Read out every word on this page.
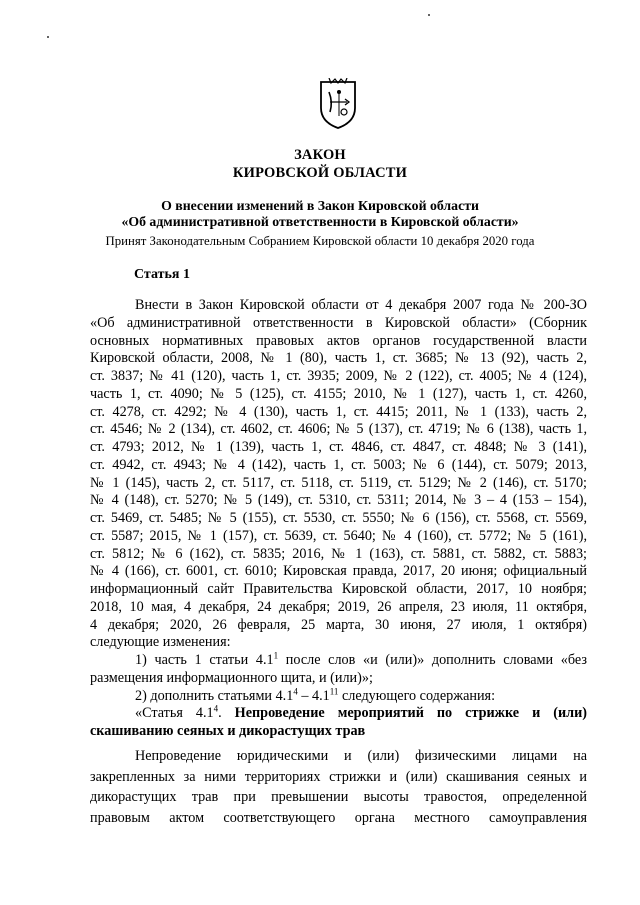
ЗАКОН
КИРОВСКОЙ ОБЛАСТИ
О внесении изменений в Закон Кировской области
«Об административной ответственности в Кировской области»
Принят Законодательным Собранием Кировской области 10 декабря 2020 года
Статья 1
Внести в Закон Кировской области от 4 декабря 2007 года № 200-ЗО
«Об административной ответственности в Кировской области» (Сборник
основных нормативных правовых актов органов государственной власти
Кировской области, 2008, № 1 (80), часть 1, ст. 3685; № 13 (92), часть 2,
ст. 3837; № 41 (120), часть 1, ст. 3935; 2009, № 2 (122), ст. 4005; № 4 (124),
часть 1, ст. 4090; № 5 (125), ст. 4155; 2010, № 1 (127), часть 1, ст. 4260,
ст. 4278, ст. 4292; № 4 (130), часть 1, ст. 4415; 2011, № 1 (133), часть 2,
ст. 4546; № 2 (134), ст. 4602, ст. 4606; № 5 (137), ст. 4719; № 6 (138), часть 1,
ст. 4793; 2012, № 1 (139), часть 1, ст. 4846, ст. 4847, ст. 4848; № 3 (141),
ст. 4942, ст. 4943; № 4 (142), часть 1, ст. 5003; № 6 (144), ст. 5079; 2013,
№ 1 (145), часть 2, ст. 5117, ст. 5118, ст. 5119, ст. 5129; № 2 (146), ст. 5170;
№ 4 (148), ст. 5270; № 5 (149), ст. 5310, ст. 5311; 2014, № 3 – 4 (153 – 154),
ст. 5469, ст. 5485; № 5 (155), ст. 5530, ст. 5550; № 6 (156), ст. 5568, ст. 5569,
ст. 5587; 2015, № 1 (157), ст. 5639, ст. 5640; № 4 (160), ст. 5772; № 5 (161),
ст. 5812; № 6 (162), ст. 5835; 2016, № 1 (163), ст. 5881, ст. 5882, ст. 5883;
№ 4 (166), ст. 6001, ст. 6010; Кировская правда, 2017, 20 июня; официальный
информационный сайт Правительства Кировской области, 2017, 10 ноября;
2018, 10 мая, 4 декабря, 24 декабря; 2019, 26 апреля, 23 июля, 11 октября,
4 декабря; 2020, 26 февраля, 25 марта, 30 июня, 27 июля, 1 октября)
следующие изменения:
1) часть 1 статьи $4.1^1$ после слов «и (или)» дополнить словами «без
размещения информационного щита, и (или)»;
2) дополнить статьями $4.1^4 - 4.1^{11}$ следующего содержания:
«Статья $4.1^4$. Непроведение мероприятий по стрижке и (или)
скашиванию сеяных и дикорастущих трав
Непроведение юридическими и (или) физическими лицами на
закрепленных за ними территориях стрижки и (или) скашивания сеяных и
дикорастущих трав при превышении высоты травостоя, определенной
правовым актом соответствующего органа местного самоуправления
